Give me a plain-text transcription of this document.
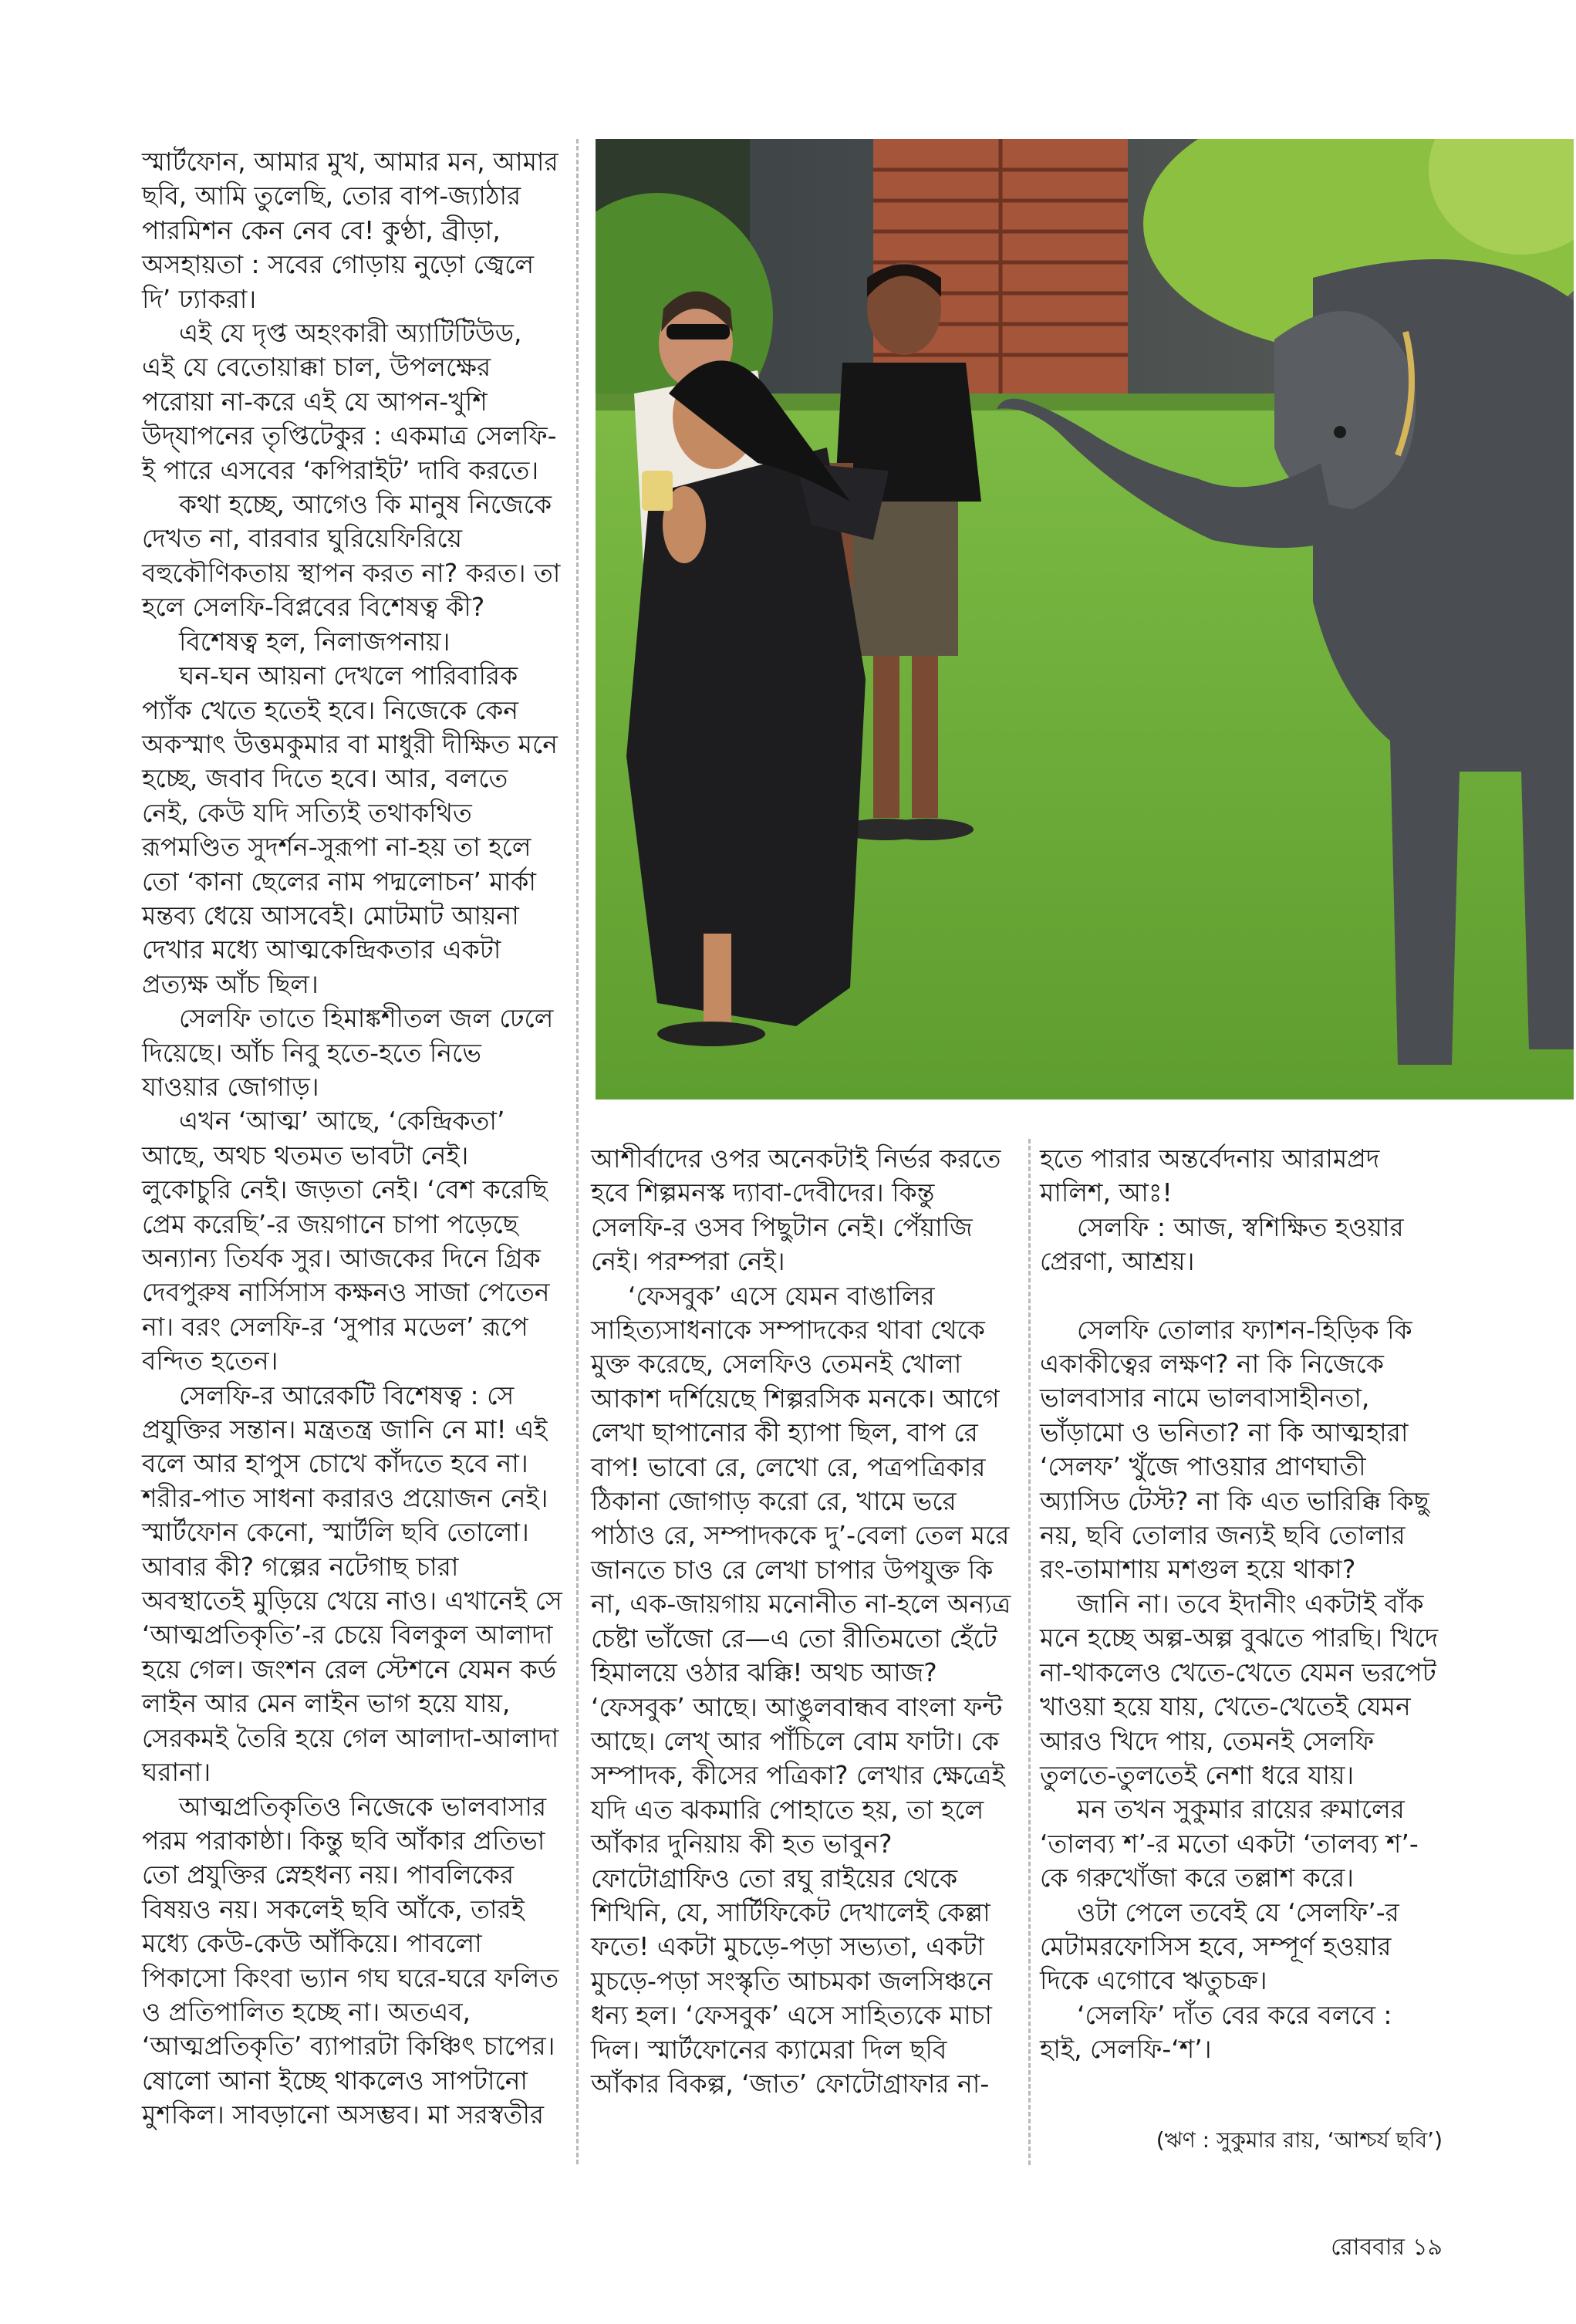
স্মার্টফোন, আমার মুখ, আমার মন, আমার ছবি, আমি তুলেছি, তোর বাপ-জ্যাঠার পারমিশন কেন নেব বে! কুণ্ঠা, ব্রীড়া, অসহায়তা : সবের গোড়ায় নুড়ো জ্বেলে দি’ ঢ্যাকরা।

এই যে দৃপ্ত অহংকারী অ্যাটিটিউড, এই যে বেতোয়াক্কা চাল, উপলক্ষের পরোয়া না-করে এই যে আপন-খুশি উদ্‌যাপনের তৃপ্তিটেকুর : একমাত্র সেলফি-ই পারে এসবের ‘কপিরাইট’ দাবি করতে।

কথা হচ্ছে, আগেও কি মানুষ নিজেকে দেখত না, বারবার ঘুরিয়েফিরিয়ে বহুকৌণিকতায় স্থাপন করত না? করত। তা হলে সেলফি-বিপ্লবের বিশেষত্ব কী?

বিশেষত্ব হল, নিলাজপনায়।

ঘন-ঘন আয়না দেখলে পারিবারিক প্যাঁক খেতে হতেই হবে। নিজেকে কেন অকস্মাৎ উত্তমকুমার বা মাধুরী দীক্ষিত মনে হচ্ছে, জবাব দিতে হবে। আর, বলতে নেই, কেউ যদি সত্যিই তথাকথিত রূপমণ্ডিত সুদর্শন-সুরূপা না-হয় তা হলে তো ‘কানা ছেলের নাম পদ্মলোচন’ মার্কা মন্তব্য ধেয়ে আসবেই। মোটমাট আয়না দেখার মধ্যে আত্মকেন্দ্রিকতার একটা প্রত্যক্ষ আঁচ ছিল।

সেলফি তাতে হিমাঙ্কশীতল জল ঢেলে দিয়েছে। আঁচ নিবু হতে-হতে নিভে যাওয়ার জোগাড়।

এখন ‘আত্ম’ আছে, ‘কেন্দ্রিকতা’ আছে, অথচ থতমত ভাবটা নেই। লুকোচুরি নেই। জড়তা নেই। ‘বেশ করেছি প্রেম করেছি’-র জয়গানে চাপা পড়েছে অন্যান্য তির্যক সুর। আজকের দিনে গ্রিক দেবপুরুষ নার্সিসাস কক্ষনও সাজা পেতেন না। বরং সেলফি-র ‘সুপার মডেল’ রূপে বন্দিত হতেন।

সেলফি-র আরেকটি বিশেষত্ব : সে প্রযুক্তির সন্তান। মন্ত্রতন্ত্র জানি নে মা! এই বলে আর হাপুস চোখে কাঁদতে হবে না। শরীর-পাত সাধনা করারও প্রয়োজন নেই। স্মার্টফোন কেনো, স্মার্টলি ছবি তোলো। আবার কী? গল্পের নটেগাছ চারা অবস্থাতেই মুড়িয়ে খেয়ে নাও। এখানেই সে ‘আত্মপ্রতিকৃতি’-র চেয়ে বিলকুল আলাদা হয়ে গেল। জংশন রেল স্টেশনে যেমন কর্ড লাইন আর মেন লাইন ভাগ হয়ে যায়, সেরকমই তৈরি হয়ে গেল আলাদা-আলাদা ঘরানা।

আত্মপ্রতিকৃতিও নিজেকে ভালবাসার পরম পরাকাষ্ঠা। কিন্তু ছবি আঁকার প্রতিভা তো প্রযুক্তির স্নেহধন্য নয়। পাবলিকের বিষয়ও নয়। সকলেই ছবি আঁকে, তারই মধ্যে কেউ-কেউ আঁকিয়ে। পাবলো পিকাসো কিংবা ভ্যান গঘ ঘরে-ঘরে ফলিত ও প্রতিপালিত হচ্ছে না। অতএব, ‘আত্মপ্রতিকৃতি’ ব্যাপারটা কিঞ্চিৎ চাপের। ষোলো আনা ইচ্ছে থাকলেও সাপটানো মুশকিল। সাবড়ানো অসম্ভব। মা সরস্বতীর

আশীর্বাদের ওপর অনেকটাই নির্ভর করতে হবে শিল্পমনস্ক দ্যাবা-দেবীদের। কিন্তু সেলফি-র ওসব পিছুটান নেই। পেঁয়াজি নেই। পরম্পরা নেই।

‘ফেসবুক’ এসে যেমন বাঙালির সাহিত্যসাধনাকে সম্পাদকের থাবা থেকে মুক্ত করেছে, সেলফিও তেমনই খোলা আকাশ দর্শিয়েছে শিল্পরসিক মনকে। আগে লেখা ছাপানোর কী হ্যাপা ছিল, বাপ রে বাপ! ভাবো রে, লেখো রে, পত্রপত্রিকার ঠিকানা জোগাড় করো রে, খামে ভরে পাঠাও রে, সম্পাদককে দু’-বেলা তেল মরে জানতে চাও রে লেখা চাপার উপযুক্ত কি না, এক-জায়গায় মনোনীত না-হলে অন্যত্র চেষ্টা ভাঁজো রে—এ তো রীতিমতো হেঁটে হিমালয়ে ওঠার ঝক্কি! অথচ আজ? ‘ফেসবুক’ আছে। আঙুলবান্ধব বাংলা ফন্ট আছে। লেখ্‌ আর পাঁচিলে বোম ফাটা। কে সম্পাদক, কীসের পত্রিকা? লেখার ক্ষেত্রেই যদি এত ঝকমারি পোহাতে হয়, তা হলে আঁকার দুনিয়ায় কী হত ভাবুন? ফোটোগ্রাফিও তো রঘু রাইয়ের থেকে শিখিনি, যে, সার্টিফিকেট দেখালেই কেল্লা ফতে! একটা মুচড়ে-পড়া সভ্যতা, একটা মুচড়ে-পড়া সংস্কৃতি আচমকা জলসিঞ্চনে ধন্য হল। ‘ফেসবুক’ এসে সাহিত্যকে মাচা দিল। স্মার্টফোনের ক্যামেরা দিল ছবি আঁকার বিকল্প, ‘জাত’ ফোটোগ্রাফার না-

হতে পারার অন্তর্বেদনায় আরামপ্রদ মালিশ, আঃ!

সেলফি : আজ, স্বশিক্ষিত হওয়ার প্রেরণা, আশ্রয়।

সেলফি তোলার ফ্যাশন-হিড়িক কি একাকীত্বের লক্ষণ? না কি নিজেকে ভালবাসার নামে ভালবাসাহীনতা, ভাঁড়ামো ও ভনিতা? না কি আত্মহারা ‘সেলফ’ খুঁজে পাওয়ার প্রাণঘাতী অ্যাসিড টেস্ট? না কি এত ভারিক্কি কিছু নয়, ছবি তোলার জন্যই ছবি তোলার রং-তামাশায় মশগুল হয়ে থাকা?

জানি না। তবে ইদানীং একটাই বাঁক মনে হচ্ছে অল্প-অল্প বুঝতে পারছি। খিদে না-থাকলেও খেতে-খেতে যেমন ভরপেট খাওয়া হয়ে যায়, খেতে-খেতেই যেমন আরও খিদে পায়, তেমনই সেলফি তুলতে-তুলতেই নেশা ধরে যায়।

মন তখন সুকুমার রায়ের রুমালের ‘তালব্য শ’-র মতো একটা ‘তালব্য শ’-কে গরুখোঁজা করে তল্লাশ করে।

ওটা পেলে তবেই যে ‘সেলফি’-র মেটামরফোসিস হবে, সম্পূর্ণ হওয়ার দিকে এগোবে ঋতুচক্র।

‘সেলফি’ দাঁত বের করে বলবে : হাই, সেলফি-‘শ’।

(ঋণ : সুকুমার রায়, ‘আশ্চর্য ছবি’)
রোববার ১৯
